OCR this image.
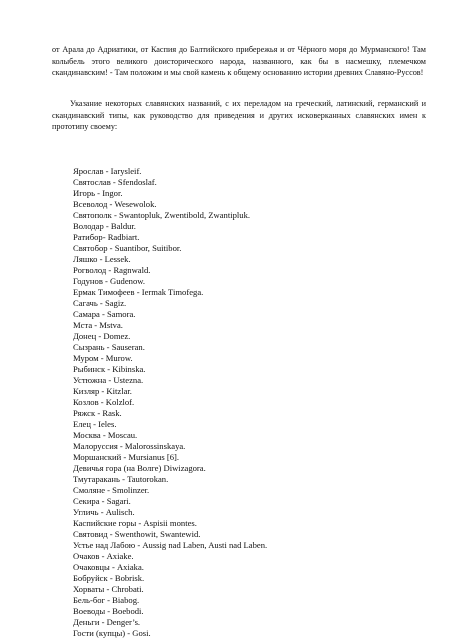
от Арала до Адриатики, от Каспия до Балтийского прибережья и от Чёрного моря до Мурманского! Там колыбель этого великого доисторического народа, названного, как бы в насмешку, племечком скандинавским! - Там положим и мы свой камень к общему основанию истории древних Славяно-Руссов!

Указание некоторых славянских названий, с их переладом на греческий, латинский, германский и скандинавский типы, как руководство для приведения и других исковерканных славянских имен к прототипу своему:

Ярослав - Iarysleif.
Святослав - Sfendoslaf.
Игорь - Ingor.
Всеволод - Wesewolok.
Святополк - Swantopluk, Zwentibold, Zwantipluk.
Володар - Baldur.
Ратибор- Radbiart.
Святобор - Suantibor, Suitibor.
Ляшко - Lessek.
Рогволод - Ragnwald.
Годунов - Gudenow.
Ермак Тимофеев - Iermak Timofega.
Сагачь - Sagiz.
Самара - Samora.
Мста - Mstva.
Донец - Domez.
Сызрань - Sauseran.
Муром - Murow.
Рыбинск - Kibinska.
Устюжна - Ustezna.
Кизляр - Kitzlar.
Козлов - Kolzlof.
Ряжск - Rask.
Елец - Ieles.
Москва - Moscau.
Малоруссия - Malorossinskaya.
Моршанский - Mursianus [6].
Девичья гора (на Волге) Diwizagora.
Тмутаракань - Tautorokan.
Смоляне - Smolinzer.
Секира - Sagari.
Угличь - Aulisch.
Каспийские горы - Aspisii montes.
Святовид - Swenthowit, Swantewid.
Устье над Лабою - Aussig nad Laben, Austi nad Laben.
Очаков - Axiake.
Очаковцы - Axiaka.
Бобруйск - Bobrisk.
Хорваты - Chrobati.
Бель-бог - Biabog.
Воеводы - Boebodi.
Деньги - Denger’s.
Гости (купцы) - Gosi.
